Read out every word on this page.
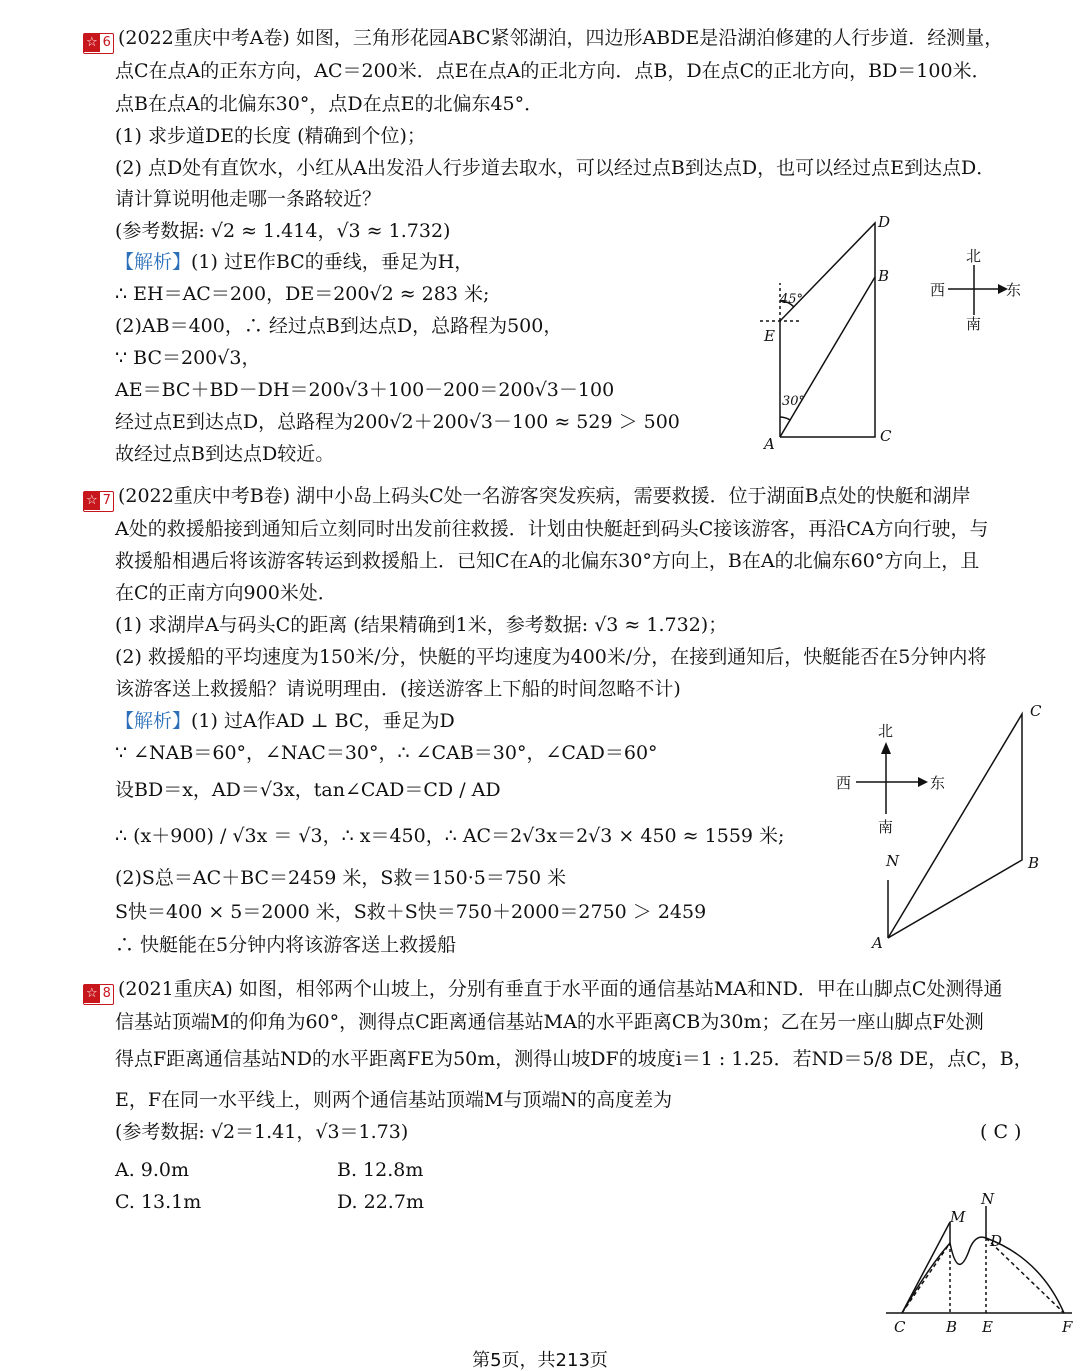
☆ 6 (2022重庆中考A卷) 如图，三角形花园ABC紧邻湖泊，四边形ABDE是沿湖泊修建的人行步道．经测量，
点C在点A的正东方向，AC＝200米．点E在点A的正北方向．点B，D在点C的正北方向，BD＝100米．
点B在点A的北偏东30°，点D在点E的北偏东45°．
(1) 求步道DE的长度 (精确到个位)；
(2) 点D处有直饮水，小红从A出发沿人行步道去取水，可以经过点B到达点D，也可以经过点E到达点D．
请计算说明他走哪一条路较近？
(参考数据: √2 ≈ 1.414，√3 ≈ 1.732)
【解析】(1) 过E作BC的垂线，垂足为H，
∴ EH＝AC＝200，DE＝200√2 ≈ 283 米;
(2)AB＝400，∴ 经过点B到达点D，总路程为500，
∵ BC＝200√3，
AE＝BC＋BD－DH＝200√3＋100－200＝200√3－100
经过点E到达点D，总路程为200√2＋200√3－100 ≈ 529 ＞ 500
故经过点B到达点D较近。
D
B
E
A	C
45°
30°
北
南
西	东
☆ 7 (2022重庆中考B卷) 湖中小岛上码头C处一名游客突发疾病，需要救援．位于湖面B点处的快艇和湖岸
A处的救援船接到通知后立刻同时出发前往救援．计划由快艇赶到码头C接该游客，再沿CA方向行驶，与
救援船相遇后将该游客转运到救援船上．已知C在A的北偏东30°方向上，B在A的北偏东60°方向上，且
在C的正南方向900米处．
(1) 求湖岸A与码头C的距离 (结果精确到1米，参考数据: √3 ≈ 1.732)；
(2) 救援船的平均速度为150米/分，快艇的平均速度为400米/分，在接到通知后，快艇能否在5分钟内将
该游客送上救援船？请说明理由．(接送游客上下船的时间忽略不计)
【解析】(1) 过A作AD ⊥ BC，垂足为D
∵ ∠NAB＝60°，∠NAC＝30°，∴ ∠CAB＝30°，∠CAD＝60°
设BD＝x，AD＝√3x，tan∠CAD＝CD / AD
∴ (x＋900) / √3x ＝ √3，∴ x＝450，∴ AC＝2√3x＝2√3 × 450 ≈ 1559 米;
(2)S总＝AC＋BC＝2459 米，S救＝150·5＝750 米
S快＝400 × 5＝2000 米，S救＋S快＝750＋2000＝2750 ＞ 2459
∴ 快艇能在5分钟内将该游客送上救援船
北
南
西	东
C
N	B
A
☆ 8 (2021重庆A) 如图，相邻两个山坡上，分别有垂直于水平面的通信基站MA和ND．甲在山脚点C处测得通
信基站顶端M的仰角为60°，测得点C距离通信基站MA的水平距离CB为30m；乙在另一座山脚点F处测
得点F距离通信基站ND的水平距离FE为50m，测得山坡DF的坡度i＝1 : 1.25．若ND＝5/8 DE，点C，B，
E，F在同一水平线上，则两个通信基站顶端M与顶端N的高度差为
(参考数据: √2＝1.41，√3＝1.73)	( C )
A. 9.0m	B. 12.8m
C. 13.1m	D. 22.7m
M
N
D
C	B E	F
第5页，共213页
